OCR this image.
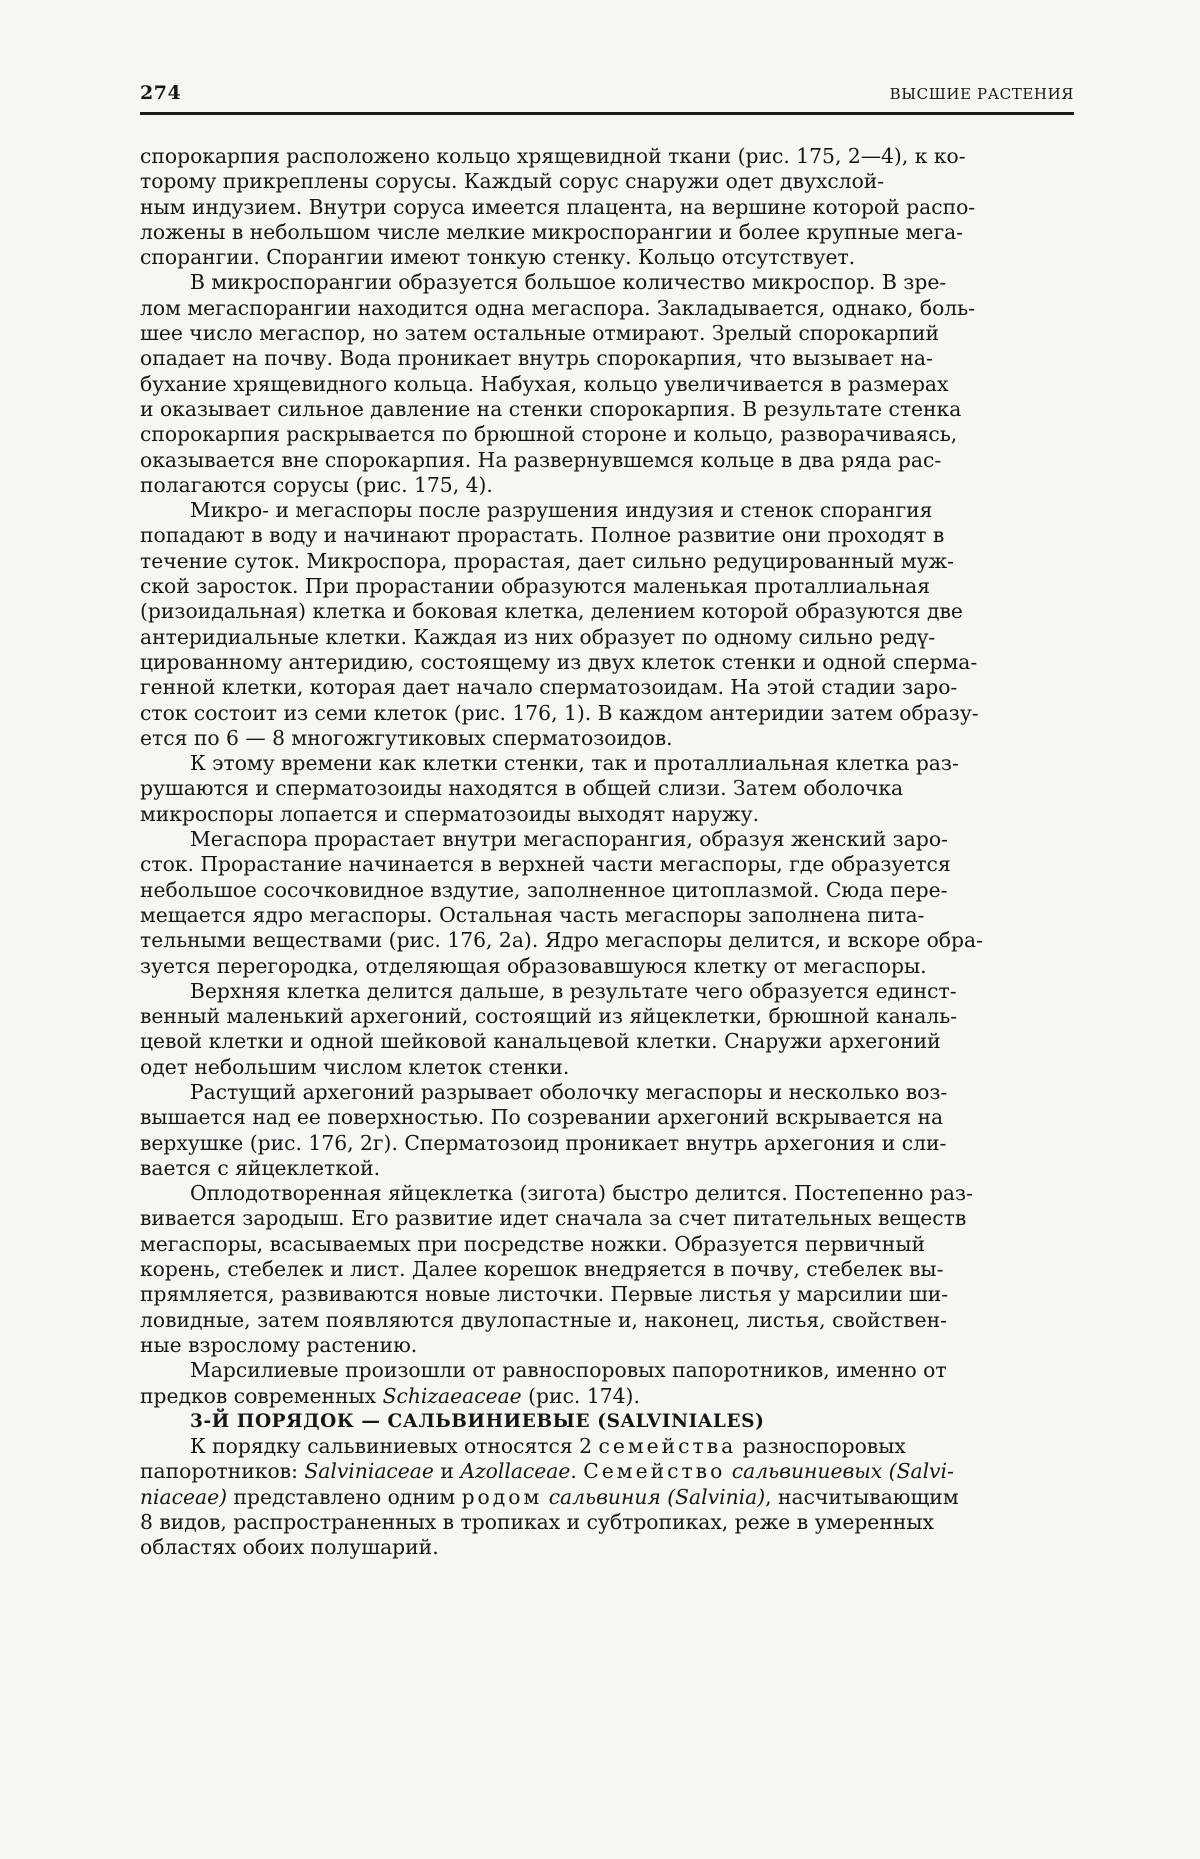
274	ВЫСШИЕ РАСТЕНИЯ

спорокарпия расположено кольцо хрящевидной ткани (рис. 175, 2—4), к ко-
торому прикреплены сорусы. Каждый сорус снаружи одет двухслой-
ным индузием. Внутри соруса имеется плацента, на вершине которой распо-
ложены в небольшом числе мелкие микроспорангии и более крупные мега-
спорангии. Спорангии имеют тонкую стенку. Кольцо отсутствует.

В микроспорангии образуется большое количество микроспор. В зре-
лом мегаспорангии находится одна мегаспора. Закладывается, однако, боль-
шее число мегаспор, но затем остальные отмирают. Зрелый спорокарпий
опадает на почву. Вода проникает внутрь спорокарпия, что вызывает на-
бухание хрящевидного кольца. Набухая, кольцо увеличивается в размерах
и оказывает сильное давление на стенки спорокарпия. В результате стенка
спорокарпия раскрывается по брюшной стороне и кольцо, разворачиваясь,
оказывается вне спорокарпия. На развернувшемся кольце в два ряда рас-
полагаются сорусы (рис. 175, 4).

Микро- и мегаспоры после разрушения индузия и стенок спорангия
попадают в воду и начинают прорастать. Полное развитие они проходят в
течение суток. Микроспора, прорастая, дает сильно редуцированный муж-
ской заросток. При прорастании образуются маленькая проталлиальная
(ризоидальная) клетка и боковая клетка, делением которой образуются две
антеридиальные клетки. Каждая из них образует по одному сильно редү-
цированному антеридию, состоящему из двух клеток стенки и одной сперма-
генной клетки, которая дает начало сперматозоидам. На этой стадии заро-
сток состоит из семи клеток (рис. 176, 1). В каждом антеридии затем образу-
ется по 6 — 8 многожгутиковых сперматозоидов.

К этому времени как клетки стенки, так и проталлиальная клетка раз-
рушаются и сперматозоиды находятся в общей слизи. Затем оболочка
микроспоры лопается и сперматозоиды выходят наружу.

Мегаспора прорастает внутри мегаспорангия, образуя женский заро-
сток. Прорастание начинается в верхней части мегаспоры, где образуется
небольшое сосочковидное вздутие, заполненное цитоплазмой. Сюда пере-
мещается ядро мегаспоры. Остальная часть мегаспоры заполнена пита-
тельными веществами (рис. 176, 2а). Ядро мегаспоры делится, и вскоре обра-
зуется перегородка, отделяющая образовавшуюся клетку от мегаспоры.

Верхняя клетка делится дальше, в результате чего образуется единст-
венный маленький архегоний, состоящий из яйцеклетки, брюшной каналь-
цевой клетки и одной шейковой канальцевой клетки. Снаружи архегоний
одет небольшим числом клеток стенки.

Растущий архегоний разрывает оболочку мегаспоры и несколько воз-
вышается над ее поверхностью. По созревании архегоний вскрывается на
верхушке (рис. 176, 2г). Сперматозоид проникает внутрь архегония и сли-
вается с яйцеклеткой.

Оплодотворенная яйцеклетка (зигота) быстро делится. Постепенно раз-
вивается зародыш. Его развитие идет сначала за счет питательных веществ
мегаспоры, всасываемых при посредстве ножки. Образуется первичный
корень, стебелек и лист. Далее корешок внедряется в почву, стебелек вы-
прямляется, развиваются новые листочки. Первые листья у марсилии ши-
ловидные, затем появляются двулопастные и, наконец, листья, свойствен-
ные взрослому растению.

Марсилиевые произошли от равноспоровых папоротников, именно от
предков современных Schizaeaceae (рис. 174).

3-Й ПОРЯДОК — САЛЬВИНИЕВЫЕ (SALVINIALES)

К порядку сальвиниевых относятся 2 семейства разноспоровых
папоротников: Salviniaceae и Azollaceae. Семейство сальвиниевых (Salvi-
niaceae) представлено одним родом сальвиния (Salvinia), насчитывающим
8 видов, распространенных в тропиках и субтропиках, реже в умеренных
областях обоих полушарий.
